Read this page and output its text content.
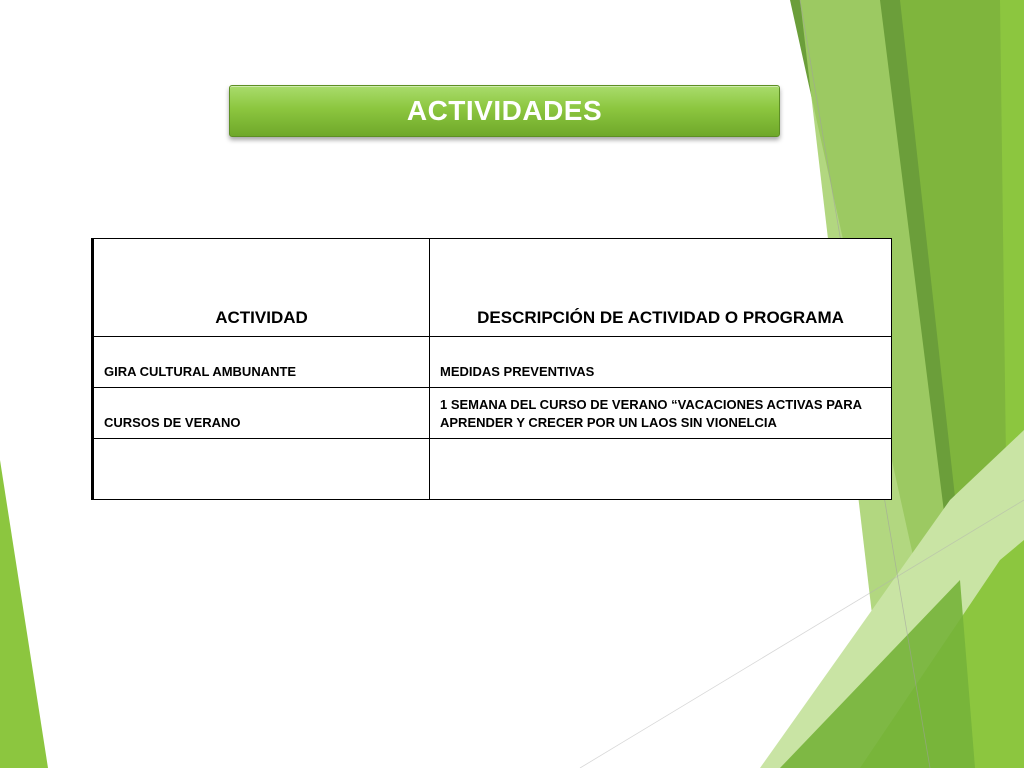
ACTIVIDADES
ACTIVIDAD	DESCRIPCIÓN DE ACTIVIDAD O PROGRAMA
GIRA CULTURAL AMBUNANTE	MEDIDAS PREVENTIVAS
CURSOS DE VERANO	1 SEMANA DEL CURSO DE VERANO “VACACIONES ACTIVAS PARA APRENDER Y CRECER POR UN LAOS SIN VIONELCIA
